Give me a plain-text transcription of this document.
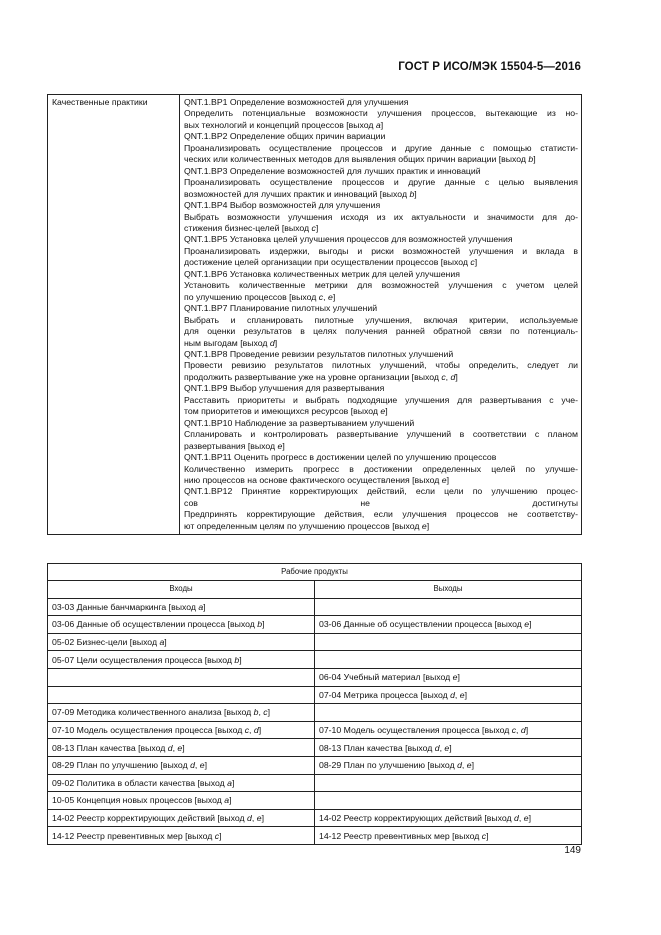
ГОСТ Р ИСО/МЭК 15504-5—2016
Качественные практики	QNT.1.BP1 Определение возможностей для улучшения
Определить потенциальные возможности улучшения процессов, вытекающие из но-
вых технологий и концепций процессов [выход a]
QNT.1.BP2 Определение общих причин вариации
Проанализировать осуществление процессов и другие данные с помощью статисти-
ческих или количественных методов для выявления общих причин вариации [выход b]
QNT.1.BP3 Определение возможностей для лучших практик и инноваций
Проанализировать осуществление процессов и другие данные с целью выявления
возможностей для лучших практик и инноваций [выход b]
QNT.1.BP4 Выбор возможностей для улучшения
Выбрать возможности улучшения исходя из их актуальности и значимости для до-
стижения бизнес-целей [выход c]
QNT.1.BP5 Установка целей улучшения процессов для возможностей улучшения
Проанализировать издержки, выгоды и риски возможностей улучшения и вклада в
достижение целей организации при осуществлении процессов [выход c]
QNT.1.BP6 Установка количественных метрик для целей улучшения
Установить количественные метрики для возможностей улучшения с учетом целей
по улучшению процессов [выход c, e]
QNT.1.BP7 Планирование пилотных улучшений
Выбрать и спланировать пилотные улучшения, включая критерии, используемые
для оценки результатов в целях получения ранней обратной связи по потенциаль-
ным выгодам [выход d]
QNT.1.BP8 Проведение ревизии результатов пилотных улучшений
Провести ревизию результатов пилотных улучшений, чтобы определить, следует ли
продолжить развертывание уже на уровне организации [выход c, d]
QNT.1.BP9 Выбор улучшения для развертывания
Расставить приоритеты и выбрать подходящие улучшения для развертывания с уче-
том приоритетов и имеющихся ресурсов [выход e]
QNT.1.BP10 Наблюдение за развертыванием улучшений
Спланировать и контролировать развертывание улучшений в соответствии с планом
развертывания [выход e]
QNT.1.BP11 Оценить прогресс в достижении целей по улучшению процессов
Количественно измерить прогресс в достижении определенных целей по улучше-
нию процессов на основе фактического осуществления [выход e]
QNT.1.BP12 Принятие корректирующих действий, если цели по улучшению процес-
сов не достигнуты
Предпринять корректирующие действия, если улучшения процессов не соответству-
ют определенным целям по улучшению процессов [выход e]
Рабочие продукты	
Входы	Выходы
03-03 Данные банчмаркинга [выход a]	
03-06 Данные об осуществлении процесса [выход b]	03-06 Данные об осуществлении процесса [выход e]
05-02 Бизнес-цели [выход a]	
05-07 Цели осуществления процесса [выход b]	
	06-04 Учебный материал [выход e]
	07-04 Метрика процесса [выход d, e]
07-09 Методика количественного анализа [выход b, c]	
07-10 Модель осуществления процесса [выход c, d]	07-10 Модель осуществления процесса [выход c, d]
08-13 План качества [выход d, e]	08-13 План качества [выход d, e]
08-29 План по улучшению [выход d, e]	08-29 План по улучшению [выход d, e]
09-02 Политика в области качества [выход a]	
10-05 Концепция новых процессов [выход a]	
14-02 Реестр корректирующих действий [выход d, e]	14-02 Реестр корректирующих действий [выход d, e]
14-12 Реестр превентивных мер [выход c]	14-12 Реестр превентивных мер [выход c]
149
